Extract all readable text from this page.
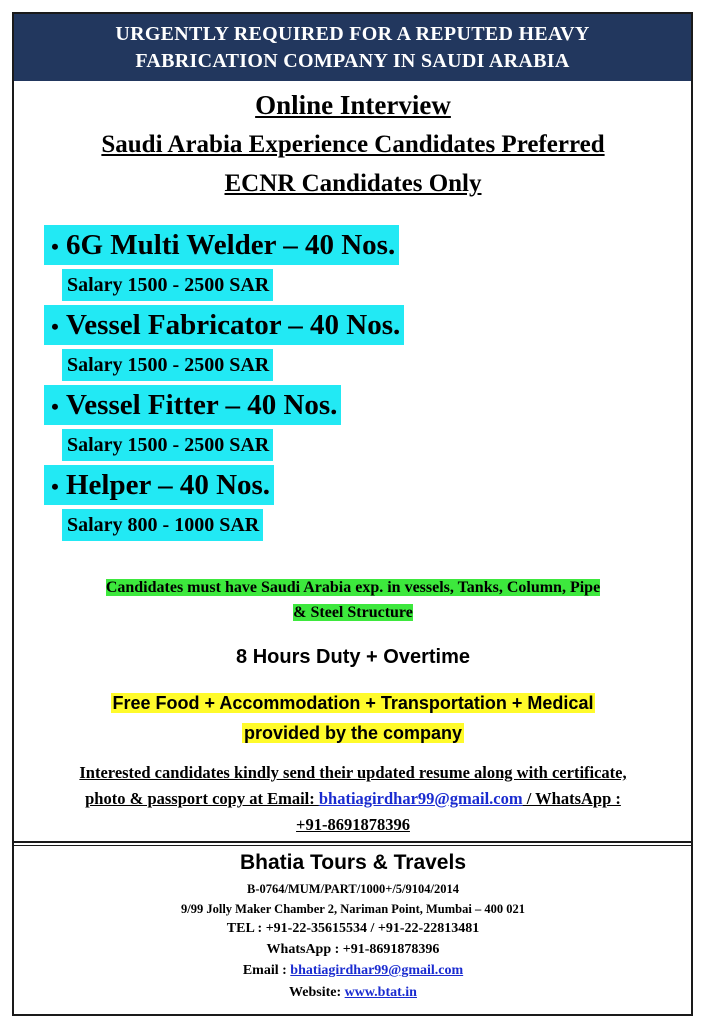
URGENTLY REQUIRED FOR A REPUTED HEAVY
FABRICATION COMPANY IN SAUDI ARABIA
Online Interview
Saudi Arabia Experience Candidates Preferred
ECNR Candidates Only
• 6G Multi Welder – 40 Nos.
Salary 1500 - 2500 SAR
• Vessel Fabricator – 40 Nos.
Salary 1500 - 2500 SAR
• Vessel Fitter – 40 Nos.
Salary 1500 - 2500 SAR
• Helper – 40 Nos.
Salary 800 - 1000 SAR
Candidates must have Saudi Arabia exp. in vessels, Tanks, Column, Pipe
& Steel Structure
8 Hours Duty + Overtime
Free Food + Accommodation + Transportation + Medical
provided by the company
Interested candidates kindly send their updated resume along with certificate,
photo & passport copy at Email: bhatiagirdhar99@gmail.com / WhatsApp :
+91-8691878396
Bhatia Tours & Travels
B-0764/MUM/PART/1000+/5/9104/2014
9/99 Jolly Maker Chamber 2, Nariman Point, Mumbai – 400 021
TEL : +91-22-35615534 / +91-22-22813481
WhatsApp : +91-8691878396
Email : bhatiagirdhar99@gmail.com
Website: www.btat.in
